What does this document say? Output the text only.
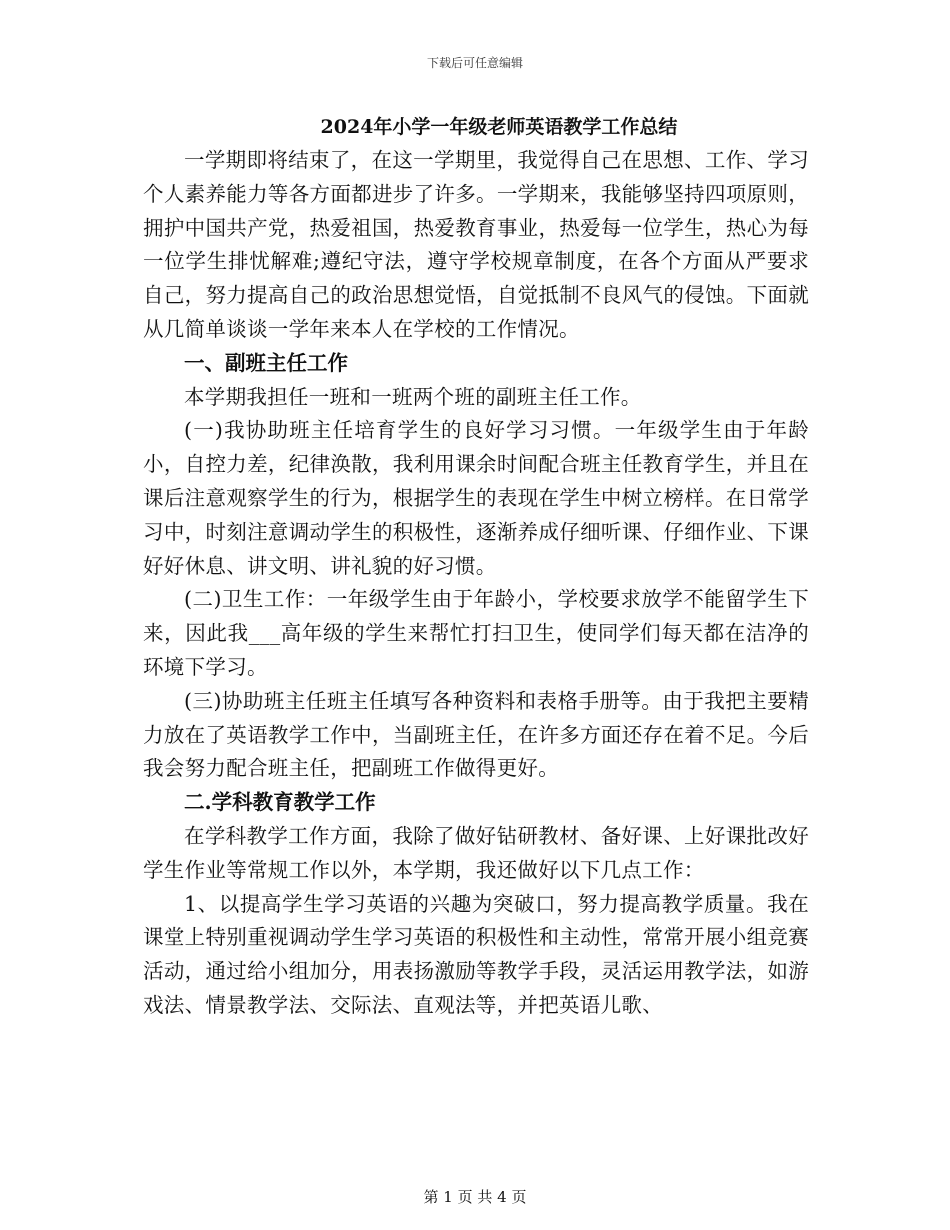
下载后可任意编辑
2024年小学一年级老师英语教学工作总结

一学期即将结束了，在这一学期里，我觉得自己在思想、工作、学习个人素养能力等各方面都进步了许多。一学期来，我能够坚持四项原则，拥护中国共产党，热爱祖国，热爱教育事业，热爱每一位学生，热心为每一位学生排忧解难;遵纪守法，遵守学校规章制度，在各个方面从严要求自己，努力提高自己的政治思想觉悟，自觉抵制不良风气的侵蚀。下面就从几简单谈谈一学年来本人在学校的工作情况。

一、副班主任工作

本学期我担任一班和一班两个班的副班主任工作。

(一)我协助班主任培育学生的良好学习习惯。一年级学生由于年龄小，自控力差，纪律涣散，我利用课余时间配合班主任教育学生，并且在课后注意观察学生的行为，根据学生的表现在学生中树立榜样。在日常学习中，时刻注意调动学生的积极性，逐渐养成仔细听课、仔细作业、下课好好休息、讲文明、讲礼貌的好习惯。

(二)卫生工作：一年级学生由于年龄小，学校要求放学不能留学生下来，因此我___高年级的学生来帮忙打扫卫生，使同学们每天都在洁净的环境下学习。

(三)协助班主任班主任填写各种资料和表格手册等。由于我把主要精力放在了英语教学工作中，当副班主任，在许多方面还存在着不足。今后我会努力配合班主任，把副班工作做得更好。

二.学科教育教学工作

在学科教学工作方面，我除了做好钻研教材、备好课、上好课批改好学生作业等常规工作以外，本学期，我还做好以下几点工作：

1、以提高学生学习英语的兴趣为突破口，努力提高教学质量。我在课堂上特别重视调动学生学习英语的积极性和主动性，常常开展小组竞赛活动，通过给小组加分，用表扬激励等教学手段，灵活运用教学法，如游戏法、情景教学法、交际法、直观法等，并把英语儿歌、

第 1 页 共 4 页
